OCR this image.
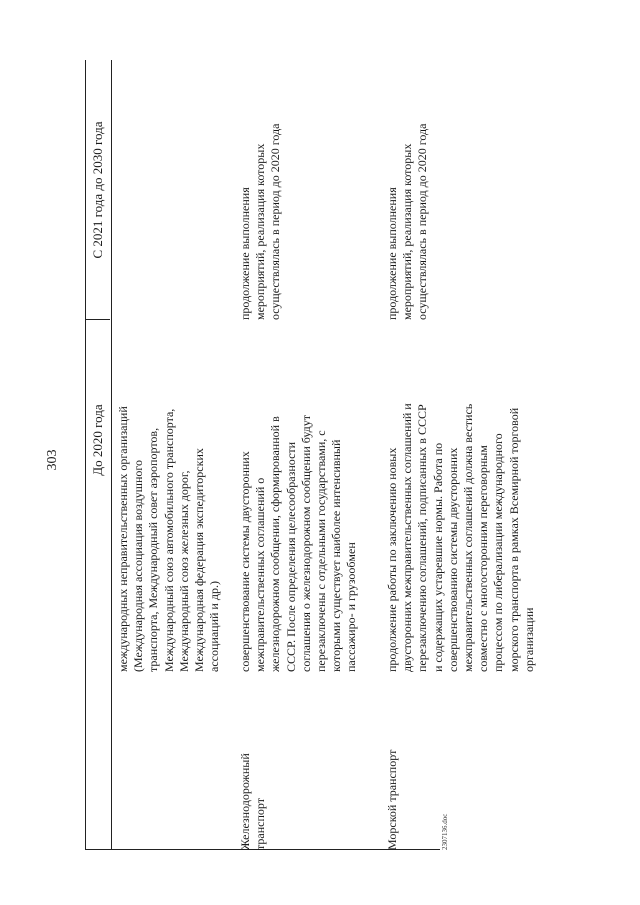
303 До 2020 года
С 2021 года до 2030 года
международных неправительственных организаций (Международная ассоциация воздушного транспорта, Международный совет аэропортов, Международный союз автомобильного транспорта, Международный союз железных дорог, Международная федерация экспедиторских ассоциаций и др.)
Железнодорожный транспорт
совершенствование системы двусторонних межправительственных соглашений о железнодорожном сообщении, сформированной в СССР. После определения целесообразности соглашения о железнодорожном сообщении будут перезаключены с отдельными государствами, с которыми существует наиболее интенсивный пассажиро- и грузообмен
продолжение выполнения мероприятий, реализация которых осуществлялась в период до 2020 года
Морской транспорт
продолжение работы по заключению новых двусторонних межправительственных соглашений и перезаключению соглашений, подписанных в СССР и содержащих устаревшие нормы. Работа по совершенствованию системы двусторонних межправительственных соглашений должна вестись совместно с многосторонним переговорным процессом по либерализации международного морского транспорта в рамках Всемирной торговой организации
продолжение выполнения мероприятий, реализация которых осуществлялась в период до 2020 года
2307136.doc
